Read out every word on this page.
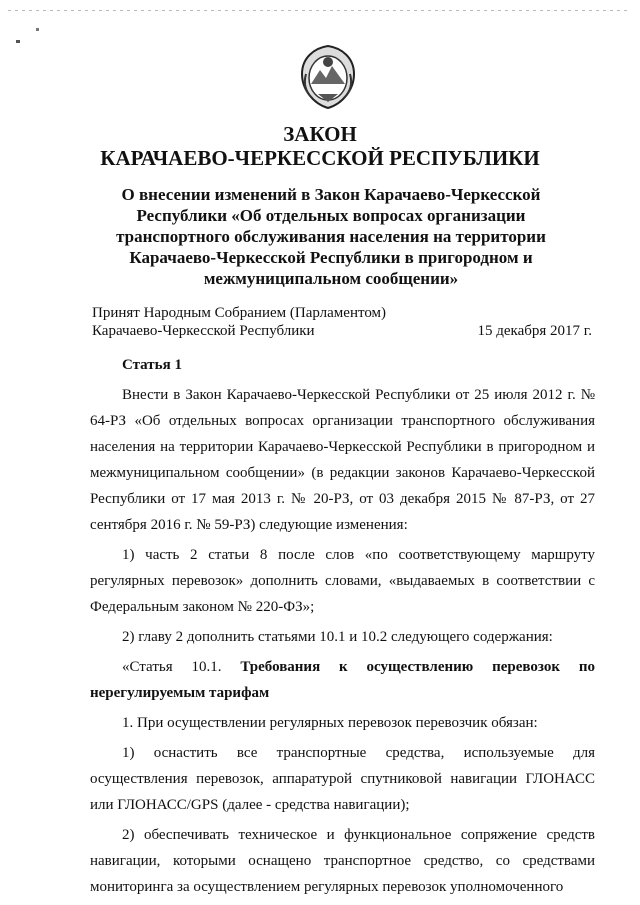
ЗАКОН
КАРАЧАЕВО-ЧЕРКЕССКОЙ РЕСПУБЛИКИ
О внесении изменений в Закон Карачаево-Черкесской Республики «Об отдельных вопросах организации транспортного обслуживания населения на территории Карачаево-Черкесской Республики в пригородном и межмуниципальном сообщении»
Принят Народным Собранием (Парламентом)
Карачаево-Черкесской Республики	15 декабря 2017 г.
Статья 1

Внести в Закон Карачаево-Черкесской Республики от 25 июля 2012 г. № 64-РЗ «Об отдельных вопросах организации транспортного обслуживания населения на территории Карачаево-Черкесской Республики в пригородном и межмуниципальном сообщении» (в редакции законов Карачаево-Черкесской Республики от 17 мая 2013 г. № 20-РЗ, от 03 декабря 2015 № 87-РЗ, от 27 сентября 2016 г. № 59-РЗ) следующие изменения:

1) часть 2 статьи 8 после слов «по соответствующему маршруту регулярных перевозок» дополнить словами, «выдаваемых в соответствии с Федеральным законом № 220-ФЗ»;

2) главу 2 дополнить статьями 10.1 и 10.2 следующего содержания:

«Статья 10.1. Требования к осуществлению перевозок по нерегулируемым тарифам

1. При осуществлении регулярных перевозок перевозчик обязан:

1) оснастить все транспортные средства, используемые для осуществления перевозок, аппаратурой спутниковой навигации ГЛОНАСС или ГЛОНАСС/GPS (далее - средства навигации);

2) обеспечивать техническое и функциональное сопряжение средств навигации, которыми оснащено транспортное средство, со средствами мониторинга за осуществлением регулярных перевозок уполномоченного
